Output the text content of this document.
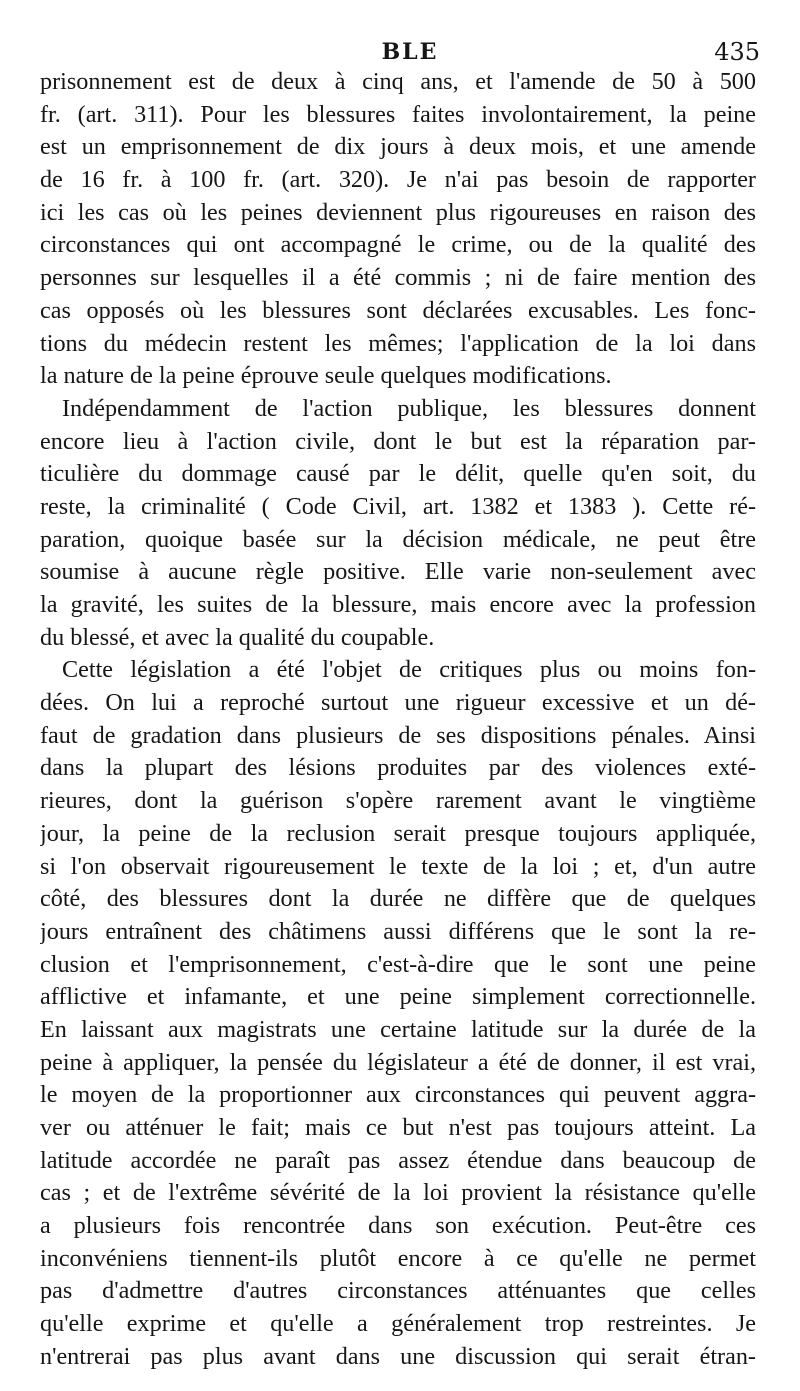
BLE	435
prisonnement est de deux à cinq ans, et l'amende de 50 à 500
fr. (art. 311). Pour les blessures faites involontairement, la peine
est un emprisonnement de dix jours à deux mois, et une amende
de 16 fr. à 100 fr. (art. 320). Je n'ai pas besoin de rapporter
ici les cas où les peines deviennent plus rigoureuses en raison des
circonstances qui ont accompagné le crime, ou de la qualité des
personnes sur lesquelles il a été commis ; ni de faire mention des
cas opposés où les blessures sont déclarées excusables. Les fonc-
tions du médecin restent les mêmes; l'application de la loi dans
la nature de la peine éprouve seule quelques modifications.
Indépendamment de l'action publique, les blessures donnent
encore lieu à l'action civile, dont le but est la réparation par-
ticulière du dommage causé par le délit, quelle qu'en soit, du
reste, la criminalité ( Code Civil, art. 1382 et 1383 ). Cette ré-
paration, quoique basée sur la décision médicale, ne peut être
soumise à aucune règle positive. Elle varie non-seulement avec
la gravité, les suites de la blessure, mais encore avec la profession
du blessé, et avec la qualité du coupable.
Cette législation a été l'objet de critiques plus ou moins fon-
dées. On lui a reproché surtout une rigueur excessive et un dé-
faut de gradation dans plusieurs de ses dispositions pénales. Ainsi
dans la plupart des lésions produites par des violences exté-
rieures, dont la guérison s'opère rarement avant le vingtième
jour, la peine de la reclusion serait presque toujours appliquée,
si l'on observait rigoureusement le texte de la loi ; et, d'un autre
côté, des blessures dont la durée ne diffère que de quelques
jours entraînent des châtimens aussi différens que le sont la re-
clusion et l'emprisonnement, c'est-à-dire que le sont une peine
afflictive et infamante, et une peine simplement correctionnelle.
En laissant aux magistrats une certaine latitude sur la durée de la
peine à appliquer, la pensée du législateur a été de donner, il est vrai,
le moyen de la proportionner aux circonstances qui peuvent aggra-
ver ou atténuer le fait; mais ce but n'est pas toujours atteint. La
latitude accordée ne paraît pas assez étendue dans beaucoup de
cas ; et de l'extrême sévérité de la loi provient la résistance qu'elle
a plusieurs fois rencontrée dans son exécution. Peut-être ces
inconvéniens tiennent-ils plutôt encore à ce qu'elle ne permet
pas d'admettre d'autres circonstances atténuantes que celles
qu'elle exprime et qu'elle a généralement trop restreintes. Je
n'entrerai pas plus avant dans une discussion qui serait étran-
